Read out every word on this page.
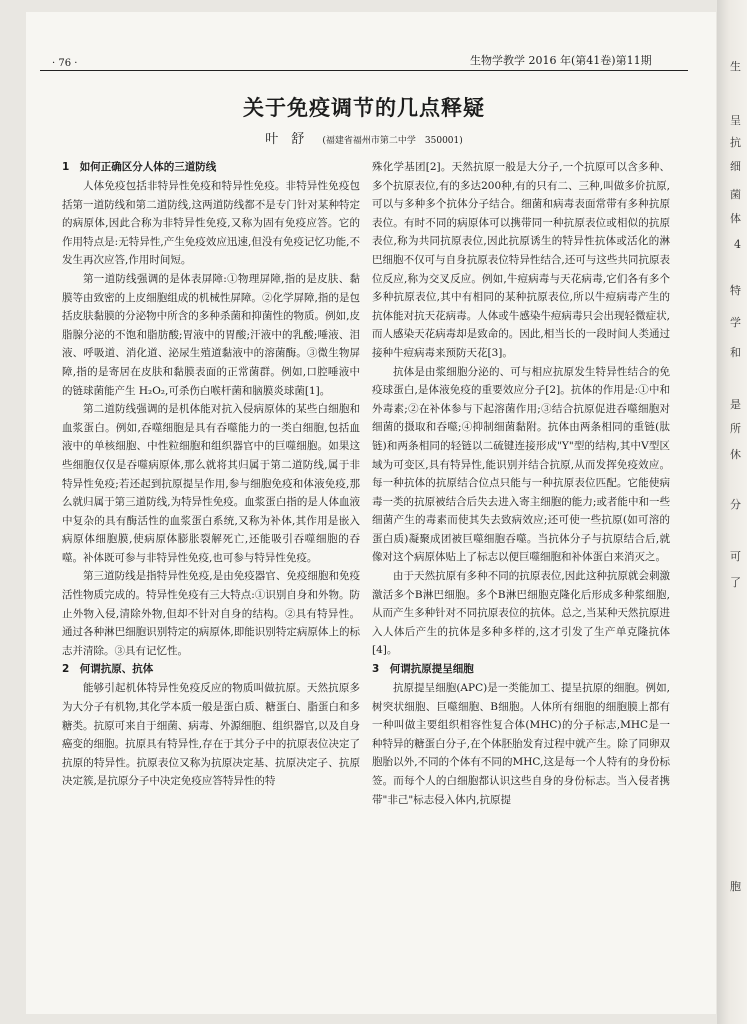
生
呈
抗
细
菌
体
4
特
学
和
是
所
休
分
可
了
胞
· 76 ·	生物学教学 2016 年(第41卷)第11期
关于免疫调节的几点释疑
叶　舒 (福建省福州市第二中学　350001)
1　如何正确区分人体的三道防线

人体免疫包括非特异性免疫和特异性免疫。非特异性免疫包括第一道防线和第二道防线,这两道防线都不是专门针对某种特定的病原体,因此合称为非特异性免疫,又称为固有免疫应答。它的作用特点是:无特异性,产生免疫效应迅速,但没有免疫记忆功能,不发生再次应答,作用时间短。

第一道防线强调的是体表屏障:①物理屏障,指的是皮肤、黏膜等由致密的上皮细胞组成的机械性屏障。②化学屏障,指的是包括皮肤黏膜的分泌物中所含的多种杀菌和抑菌性的物质。例如,皮脂腺分泌的不饱和脂肪酸;胃液中的胃酸;汗液中的乳酸;唾液、泪液、呼吸道、消化道、泌尿生殖道黏液中的溶菌酶。③微生物屏障,指的是寄居在皮肤和黏膜表面的正常菌群。例如,口腔唾液中的链球菌能产生 H₂O₂,可杀伤白喉杆菌和脑膜炎球菌[1]。

第二道防线强调的是机体能对抗入侵病原体的某些白细胞和血浆蛋白。例如,吞噬细胞是具有吞噬能力的一类白细胞,包括血液中的单核细胞、中性粒细胞和组织器官中的巨噬细胞。如果这些细胞仅仅是吞噬病原体,那么就将其归属于第二道防线,属于非特异性免疫;若还起到抗原提呈作用,参与细胞免疫和体液免疫,那么就归属于第三道防线,为特异性免疫。血浆蛋白指的是人体血液中复杂的具有酶活性的血浆蛋白系统,又称为补体,其作用是嵌入病原体细胞膜,使病原体膨胀裂解死亡,还能吸引吞噬细胞的吞噬。补体既可参与非特异性免疫,也可参与特异性免疫。

第三道防线是指特异性免疫,是由免疫器官、免疫细胞和免疫活性物质完成的。特异性免疫有三大特点:①识别自身和外物。防止外物入侵,清除外物,但却不针对自身的结构。②具有特异性。通过各种淋巴细胞识别特定的病原体,即能识别特定病原体上的标志并清除。③具有记忆性。

2　何谓抗原、抗体

能够引起机体特异性免疫反应的物质叫做抗原。天然抗原多为大分子有机物,其化学本质一般是蛋白质、糖蛋白、脂蛋白和多糖类。抗原可来自于细菌、病毒、外源细胞、组织器官,以及自身癌变的细胞。抗原具有特异性,存在于其分子中的抗原表位决定了抗原的特异性。抗原表位又称为抗原决定基、抗原决定子、抗原决定簇,是抗原分子中决定免疫应答特异性的特

殊化学基团[2]。天然抗原一般是大分子,一个抗原可以含多种、多个抗原表位,有的多达200种,有的只有二、三种,叫做多价抗原,可以与多种多个抗体分子结合。细菌和病毒表面常带有多种抗原表位。有时不同的病原体可以携带同一种抗原表位或相似的抗原表位,称为共同抗原表位,因此抗原诱生的特异性抗体或活化的淋巴细胞不仅可与自身抗原表位特异性结合,还可与这些共同抗原表位反应,称为交叉反应。例如,牛痘病毒与天花病毒,它们各有多个多种抗原表位,其中有相同的某种抗原表位,所以牛痘病毒产生的抗体能对抗天花病毒。人体或牛感染牛痘病毒只会出现轻微症状,而人感染天花病毒却是致命的。因此,相当长的一段时间人类通过接种牛痘病毒来预防天花[3]。

抗体是由浆细胞分泌的、可与相应抗原发生特异性结合的免疫球蛋白,是体液免疫的重要效应分子[2]。抗体的作用是:①中和外毒素;②在补体参与下起溶菌作用;③结合抗原促进吞噬细胞对细菌的摄取和吞噬;④抑制细菌黏附。抗体由两条相同的重链(肽链)和两条相同的轻链以二硫键连接形成"Y"型的结构,其中V型区域为可变区,具有特异性,能识别并结合抗原,从而发挥免疫效应。每一种抗体的抗原结合位点只能与一种抗原表位匹配。它能使病毒一类的抗原被结合后失去进入寄主细胞的能力;或者能中和一些细菌产生的毒素而使其失去致病效应;还可使一些抗原(如可溶的蛋白质)凝聚成团被巨噬细胞吞噬。当抗体分子与抗原结合后,就像对这个病原体贴上了标志以便巨噬细胞和补体蛋白来消灭之。

由于天然抗原有多种不同的抗原表位,因此这种抗原就会刺激激活多个B淋巴细胞。多个B淋巴细胞克隆化后形成多种浆细胞,从而产生多种针对不同抗原表位的抗体。总之,当某种天然抗原进入人体后产生的抗体是多种多样的,这才引发了生产单克隆抗体[4]。

3　何谓抗原提呈细胞

抗原提呈细胞(APC)是一类能加工、提呈抗原的细胞。例如,树突状细胞、巨噬细胞、B细胞。人体所有细胞的细胞膜上都有一种叫做主要组织相容性复合体(MHC)的分子标志,MHC是一种特异的糖蛋白分子,在个体胚胎发育过程中就产生。除了同卵双胞胎以外,不同的个体有不同的MHC,这是每一个人特有的身份标签。而每个人的白细胞都认识这些自身的身份标志。当入侵者携带"非己"标志侵入体内,抗原提
